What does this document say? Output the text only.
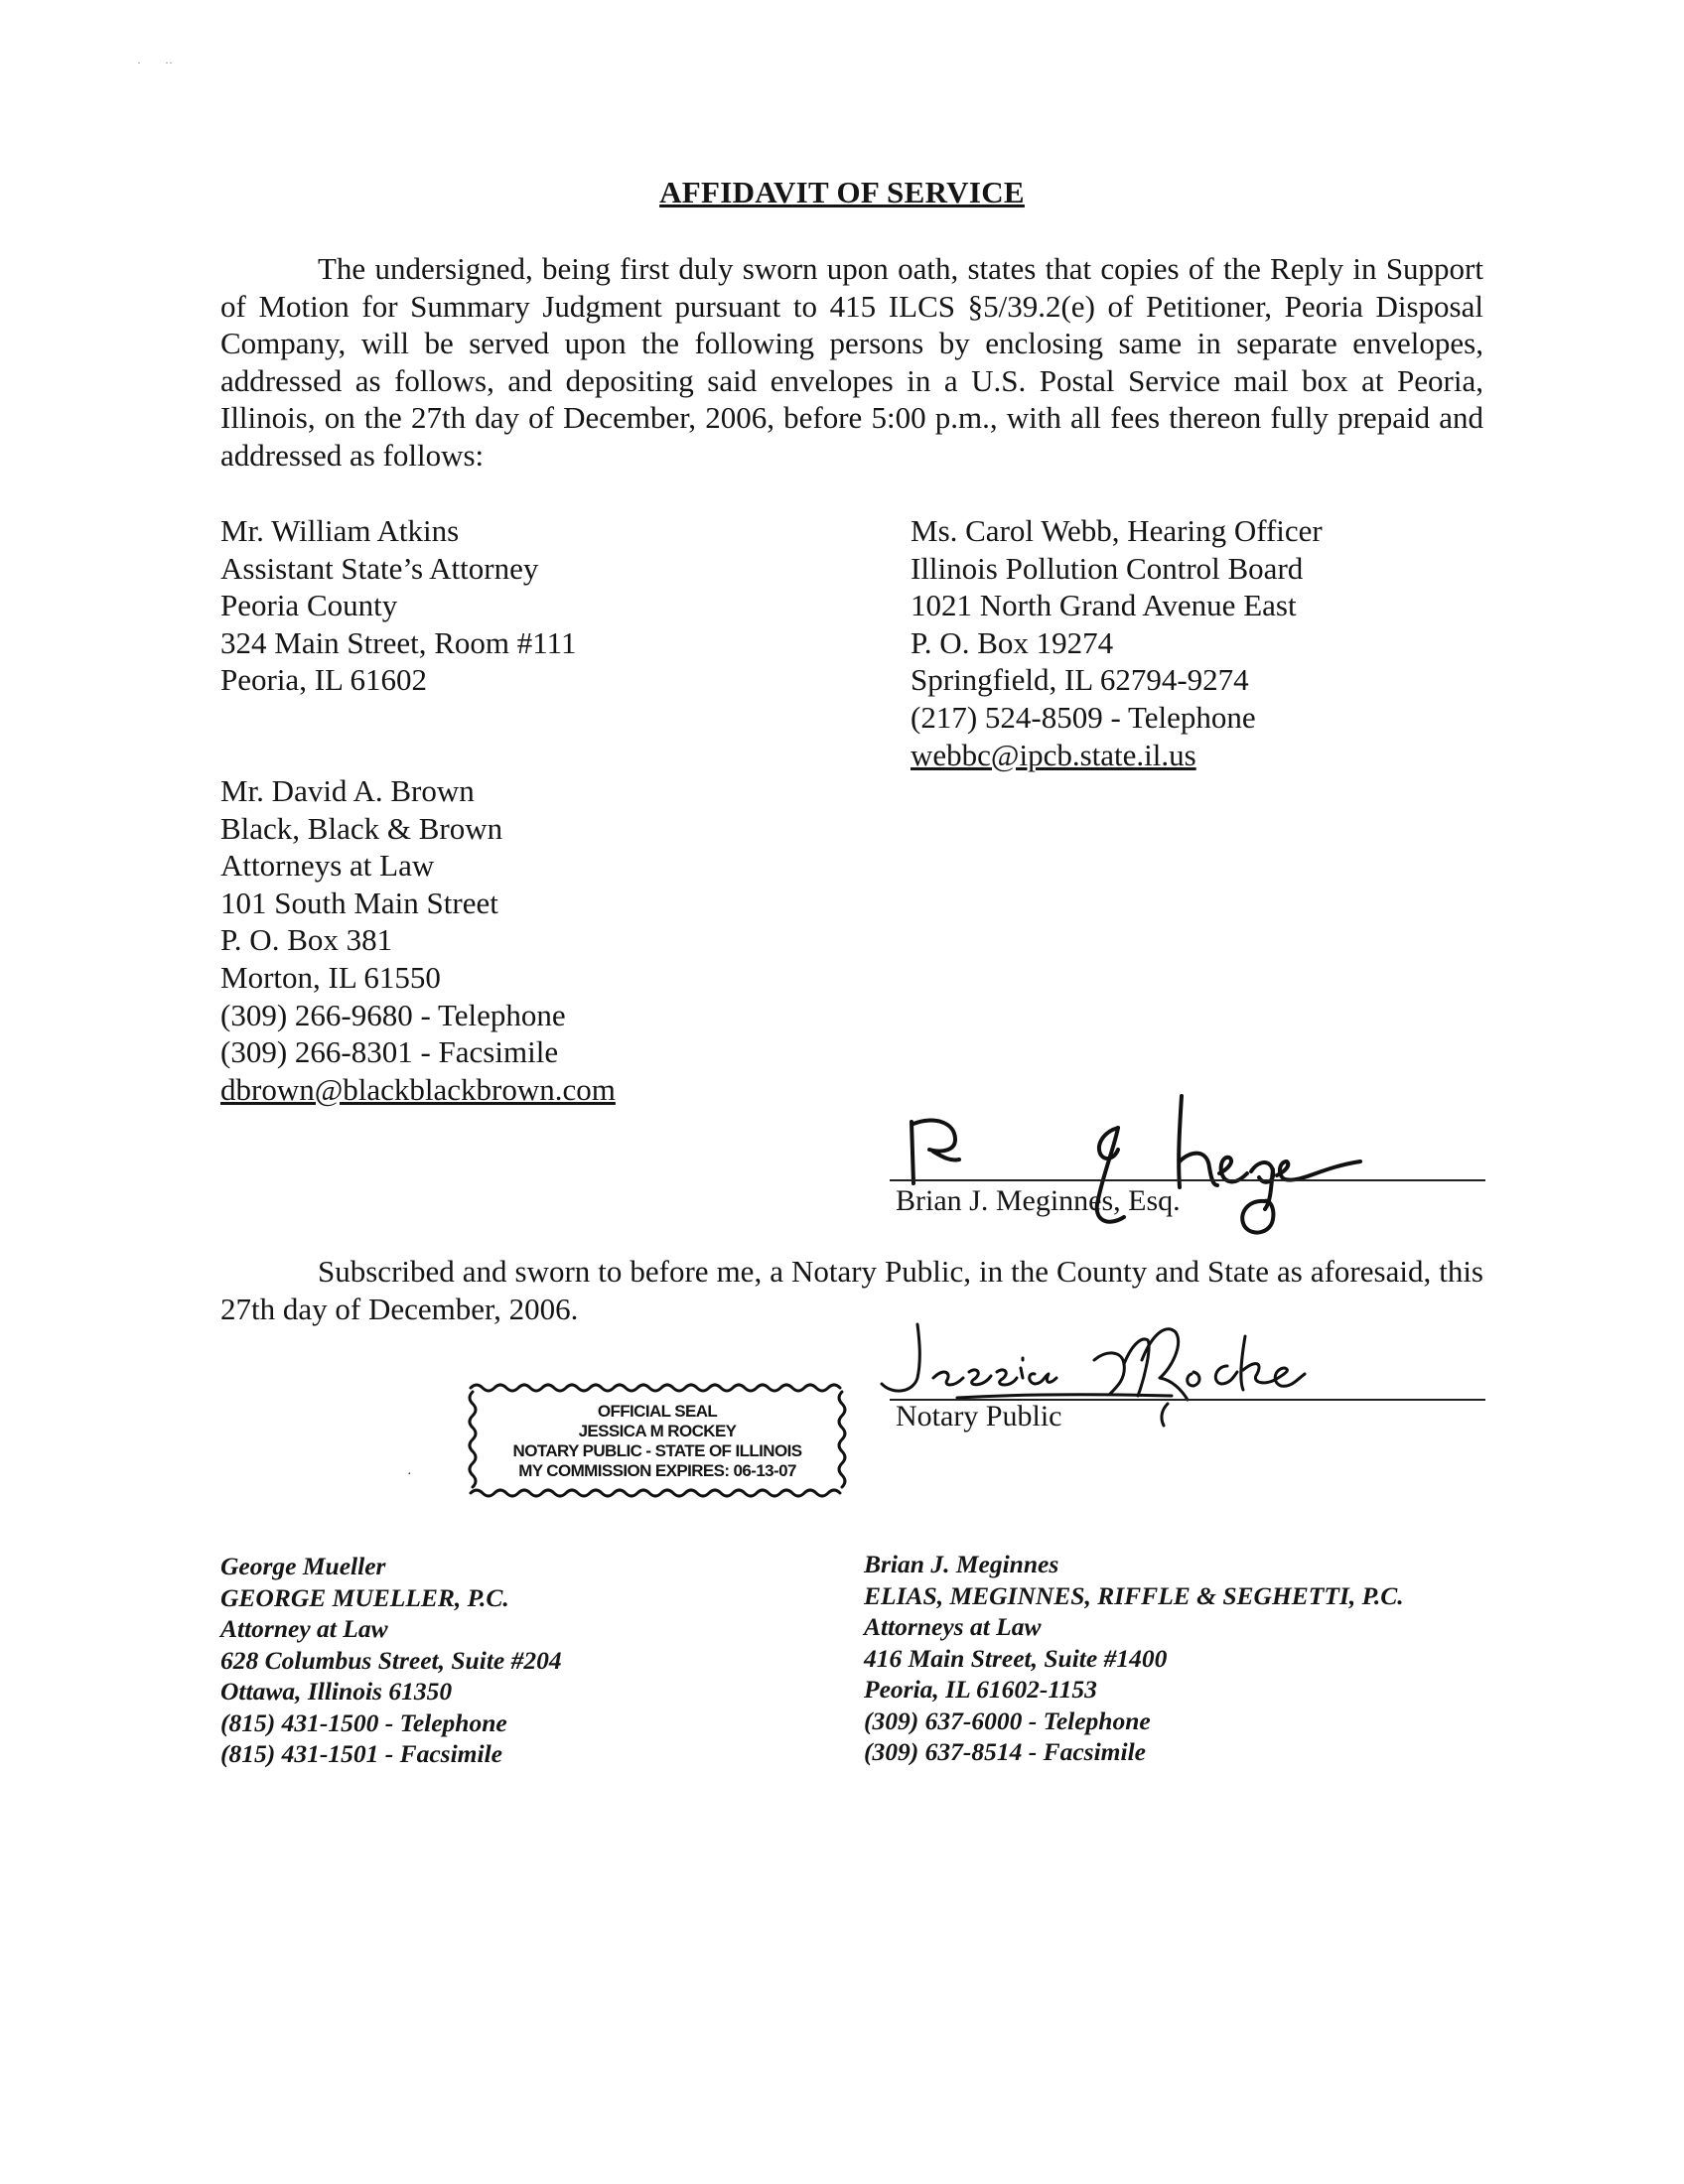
·        ··
AFFIDAVIT OF SERVICE
The undersigned, being first duly sworn upon oath, states that copies of the Reply in Support of Motion for Summary Judgment pursuant to 415 ILCS §5/39.2(e) of Petitioner, Peoria Disposal Company, will be served upon the following persons by enclosing same in separate envelopes, addressed as follows, and depositing said envelopes in a U.S. Postal Service mail box at Peoria, Illinois, on the 27th day of December, 2006, before 5:00 p.m., with all fees thereon fully prepaid and addressed as follows:
Mr. William Atkins
Assistant State’s Attorney
Peoria County
324 Main Street, Room #111
Peoria, IL 61602
Ms. Carol Webb, Hearing Officer
Illinois Pollution Control Board
1021 North Grand Avenue East
P. O. Box 19274
Springfield, IL 62794-9274
(217) 524-8509 - Telephone
webbc@ipcb.state.il.us
Mr. David A. Brown
Black, Black & Brown
Attorneys at Law
101 South Main Street
P. O. Box 381
Morton, IL 61550
(309) 266-9680 - Telephone
(309) 266-8301 - Facsimile
dbrown@blackblackbrown.com
Brian J. Meginnes, Esq.
Subscribed and sworn to before me, a Notary Public, in the County and State as aforesaid, this 27th day of December, 2006.
Notary Public
OFFICIAL SEAL
JESSICA M ROCKEY
NOTARY PUBLIC - STATE OF ILLINOIS
MY COMMISSION EXPIRES: 06-13-07
·
George Mueller
GEORGE MUELLER, P.C.
Attorney at Law
628 Columbus Street, Suite #204
Ottawa, Illinois 61350
(815) 431-1500 - Telephone
(815) 431-1501 - Facsimile
Brian J. Meginnes
ELIAS, MEGINNES, RIFFLE & SEGHETTI, P.C.
Attorneys at Law
416 Main Street, Suite #1400
Peoria, IL 61602-1153
(309) 637-6000 - Telephone
(309) 637-8514 - Facsimile
